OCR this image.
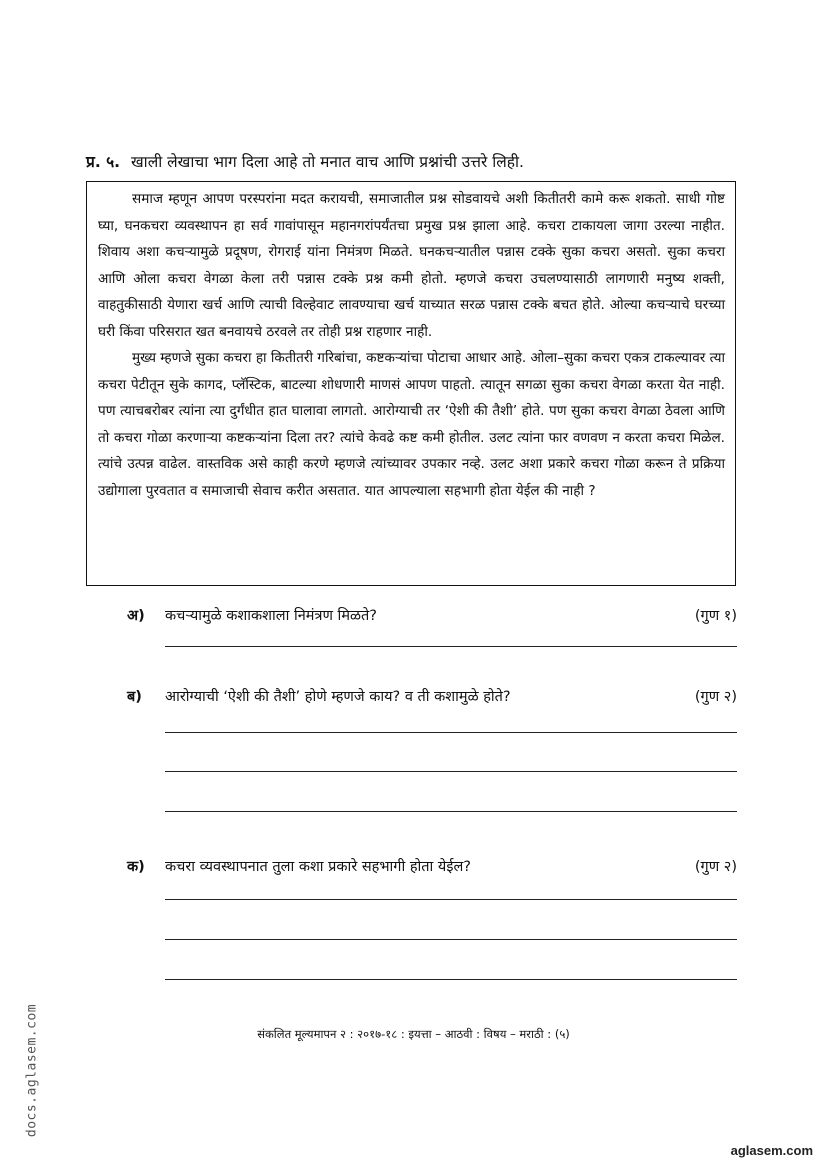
प्र. ५. खाली लेखाचा भाग दिला आहे तो मनात वाच आणि प्रश्नांची उत्तरे लिही.

समाज म्हणून आपण परस्परांना मदत करायची, समाजातील प्रश्न सोडवायचे अशी कितीतरी कामे करू शकतो. साधी गोष्ट घ्या, घनकचरा व्यवस्थापन हा सर्व गावांपासून महानगरांपर्यंतचा प्रमुख प्रश्न झाला आहे. कचरा टाकायला जागा उरल्या नाहीत. शिवाय अशा कचऱ्यामुळे प्रदूषण, रोगराई यांना निमंत्रण मिळते. घनकचऱ्यातील पन्नास टक्के सुका कचरा असतो. सुका कचरा आणि ओला कचरा वेगळा केला तरी पन्नास टक्के प्रश्न कमी होतो. म्हणजे कचरा उचलण्यासाठी लागणारी मनुष्य शक्ती, वाहतुकीसाठी येणारा खर्च आणि त्याची विल्हेवाट लावण्याचा खर्च याच्यात सरळ पन्नास टक्के बचत होते. ओल्या कचऱ्याचे घरच्या घरी किंवा परिसरात खत बनवायचे ठरवले तर तोही प्रश्न राहणार नाही.

मुख्य म्हणजे सुका कचरा हा कितीतरी गरिबांचा, कष्टकऱ्यांचा पोटाचा आधार आहे. ओला–सुका कचरा एकत्र टाकल्यावर त्या कचरा पेटीतून सुके कागद, प्लॅस्टिक, बाटल्या शोधणारी माणसं आपण पाहतो. त्यातून सगळा सुका कचरा वेगळा करता येत नाही. पण त्याचबरोबर त्यांना त्या दुर्गंधीत हात घालावा लागतो. आरोग्याची तर ‘ऐशी की तैशी’ होते. पण सुका कचरा वेगळा ठेवला आणि तो कचरा गोळा करणाऱ्या कष्टकऱ्यांना दिला तर? त्यांचे केवढे कष्ट कमी होतील. उलट त्यांना फार वणवण न करता कचरा मिळेल. त्यांचे उत्पन्न वाढेल. वास्तविक असे काही करणे म्हणजे त्यांच्यावर उपकार नव्हे. उलट अशा प्रकारे कचरा गोळा करून ते प्रक्रिया उद्योगाला पुरवतात व समाजाची सेवाच करीत असतात. यात आपल्याला सहभागी होता येईल की नाही ?

अ) कचऱ्यामुळे कशाकशाला निमंत्रण मिळते?	(गुण १)
ब) आरोग्याची ‘ऐशी की तैशी’ होणे म्हणजे काय? व ती कशामुळे होते?	(गुण २)
क) कचरा व्यवस्थापनात तुला कशा प्रकारे सहभागी होता येईल?	(गुण २)
संकलित मूल्यमापन २ : २०१७-१८ : इयत्ता – आठवी : विषय – मराठी : (५)
docs.aglasem.com
aglasem.com
